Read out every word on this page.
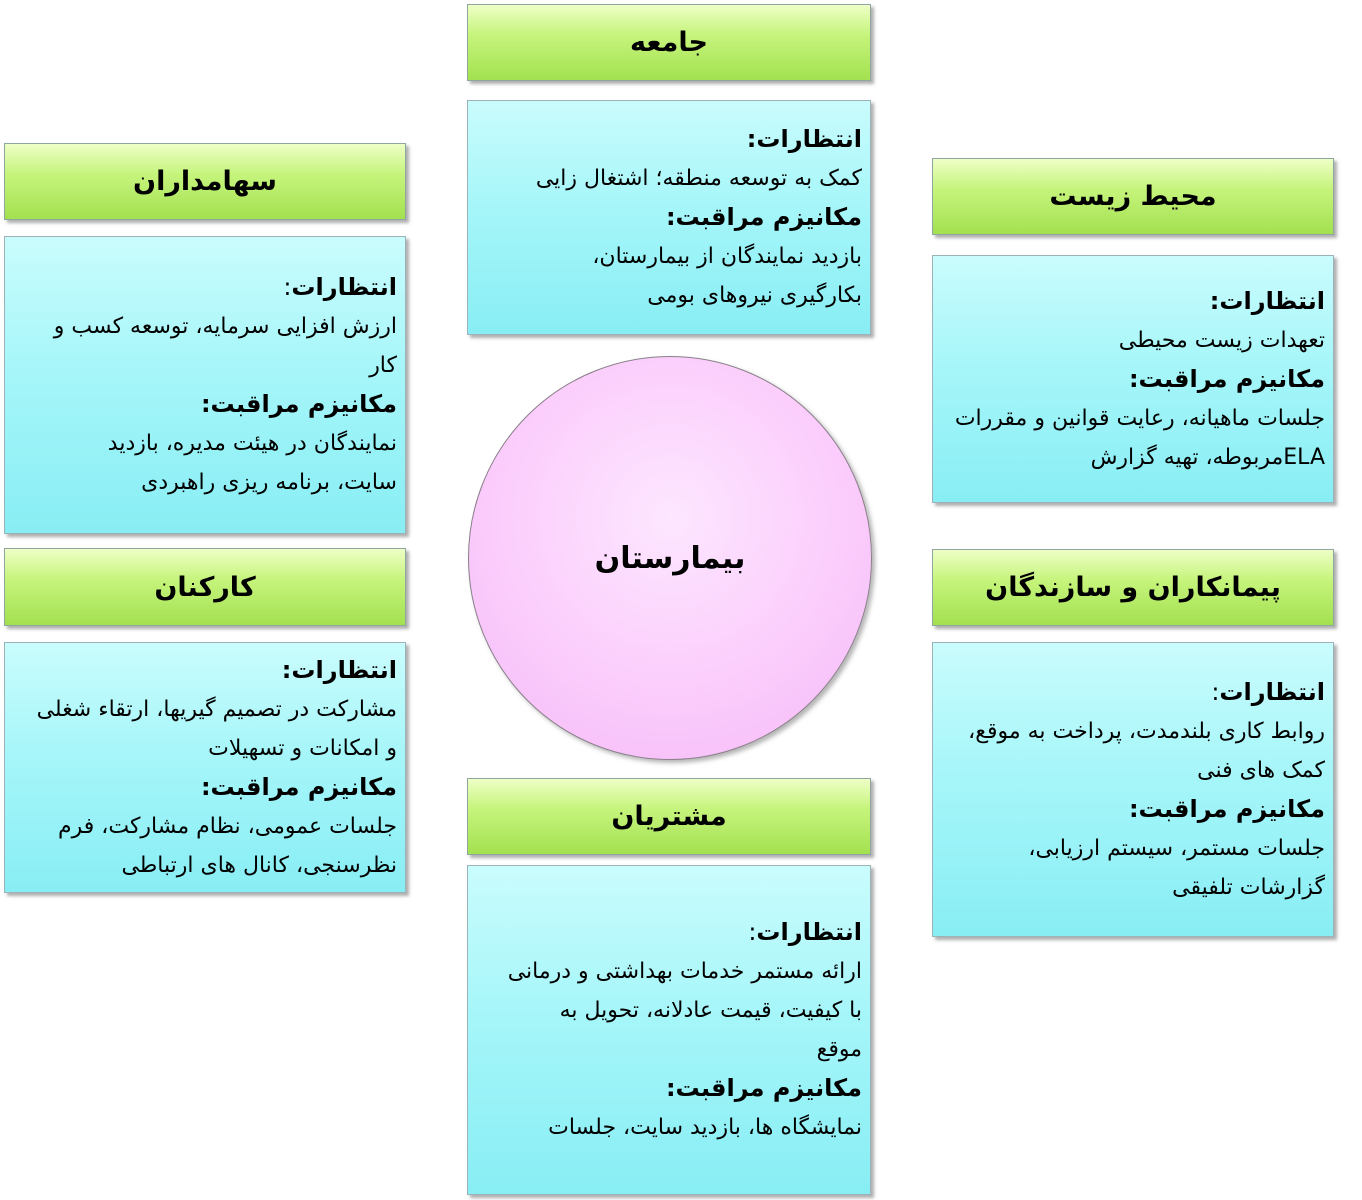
بیمارستان
جامعه
انتظارات:
کمک به توسعه منطقه؛ اشتغال زایی
مکانیزم مراقبت:
بازدید نمایندگان از بیمارستان،
بکارگیری نیروهای بومی
سهامداران
انتظارات:
ارزش افزایی سرمایه، توسعه کسب و
کار
مکانیزم مراقبت:
نمایندگان در هیئت مدیره، بازدید
سایت، برنامه ریزی راهبردی
محیط زیست
انتظارات:
تعهدات زیست محیطی
مکانیزم مراقبت:
جلسات ماهیانه، رعایت قوانین و مقررات
ELAمربوطه، تهیه گزارش
کارکنان
انتظارات:
مشارکت در تصمیم گیریها، ارتقاء شغلی
و امکانات و تسهیلات
مکانیزم مراقبت:
جلسات عمومی، نظام مشارکت، فرم
نظرسنجی، کانال های ارتباطی
پیمانکاران و سازندگان
انتظارات:
روابط کاری بلندمدت، پرداخت به موقع،
کمک های فنی
مکانیزم مراقبت:
جلسات مستمر، سیستم ارزیابی،
گزارشات تلفیقی
مشتریان
انتظارات:
ارائه مستمر خدمات بهداشتی و درمانی
با کیفیت، قیمت عادلانه، تحویل به
موقع
مکانیزم مراقبت:
نمایشگاه ها، بازدید سایت، جلسات
